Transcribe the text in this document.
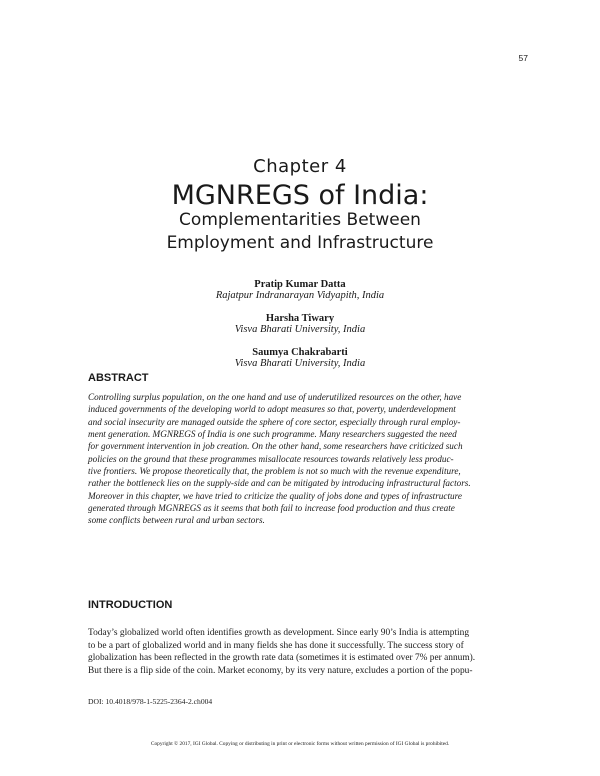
57
Chapter 4
MGNREGS of India:
Complementarities Between
Employment and Infrastructure
Pratip Kumar Datta
Rajatpur Indranarayan Vidyapith, India
Harsha Tiwary
Visva Bharati University, India
Saumya Chakrabarti
Visva Bharati University, India
ABSTRACT
Controlling surplus population, on the one hand and use of underutilized resources on the other, have
induced governments of the developing world to adopt measures so that, poverty, underdevelopment
and social insecurity are managed outside the sphere of core sector, especially through rural employ-
ment generation. MGNREGS of India is one such programme. Many researchers suggested the need
for government intervention in job creation. On the other hand, some researchers have criticized such
policies on the ground that these programmes misallocate resources towards relatively less produc-
tive frontiers. We propose theoretically that, the problem is not so much with the revenue expenditure,
rather the bottleneck lies on the supply-side and can be mitigated by introducing infrastructural factors.
Moreover in this chapter, we have tried to criticize the quality of jobs done and types of infrastructure
generated through MGNREGS as it seems that both fail to increase food production and thus create
some conflicts between rural and urban sectors.
INTRODUCTION
Today’s globalized world often identifies growth as development. Since early 90’s India is attempting
to be a part of globalized world and in many fields she has done it successfully. The success story of
globalization has been reflected in the growth rate data (sometimes it is estimated over 7% per annum).
But there is a flip side of the coin. Market economy, by its very nature, excludes a portion of the popu-
DOI: 10.4018/978-1-5225-2364-2.ch004
Copyright © 2017, IGI Global. Copying or distributing in print or electronic forms without written permission of IGI Global is prohibited.
